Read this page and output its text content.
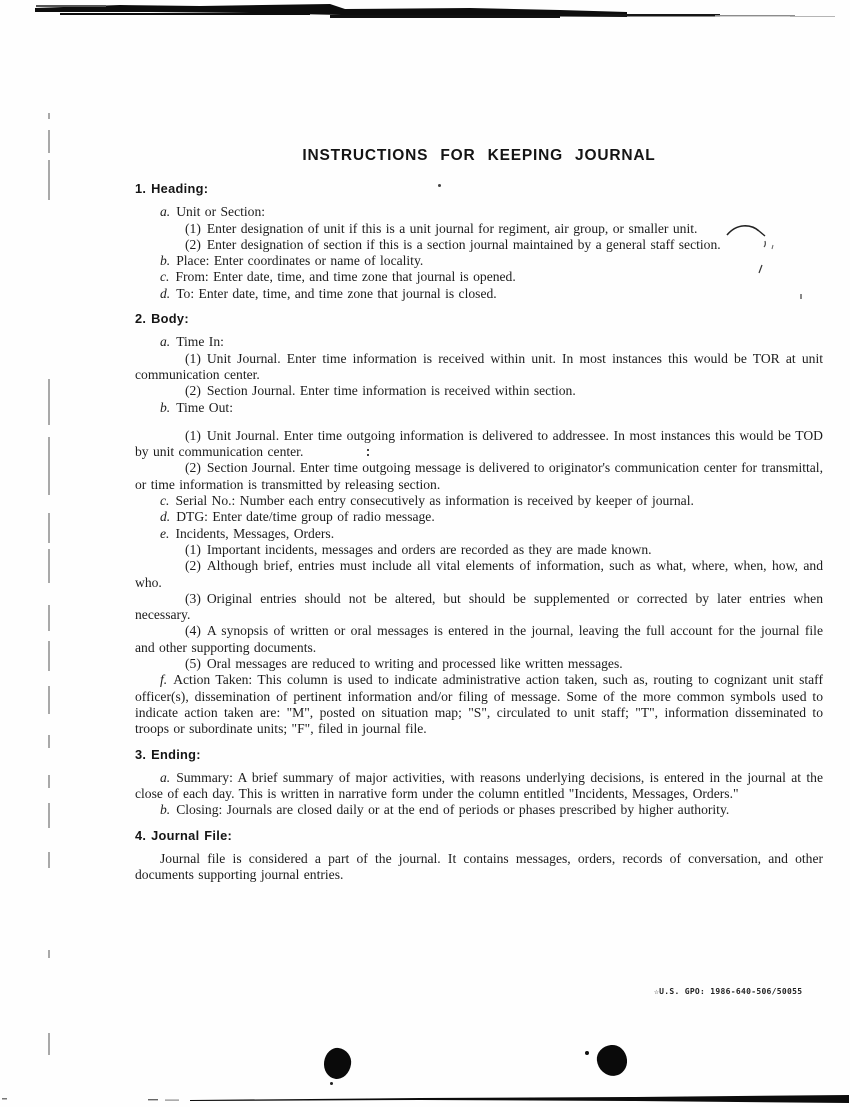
INSTRUCTIONS FOR KEEPING JOURNAL

1. Heading:

a. Unit or Section:

(1) Enter designation of unit if this is a unit journal for regiment, air group, or smaller unit.

(2) Enter designation of section if this is a section journal maintained by a general staff section.

b. Place: Enter coordinates or name of locality.

c. From: Enter date, time, and time zone that journal is opened.

d. To: Enter date, time, and time zone that journal is closed.

2. Body:

a. Time In:

(1) Unit Journal. Enter time information is received within unit. In most instances this would be TOR at unit communication center.

(2) Section Journal. Enter time information is received within section.

b. Time Out:

(1) Unit Journal. Enter time outgoing information is delivered to addressee. In most instances this would be TOD by unit communication center.

(2) Section Journal. Enter time outgoing message is delivered to originator's communication center for transmittal, or time information is transmitted by releasing section.

c. Serial No.: Number each entry consecutively as information is received by keeper of journal.

d. DTG: Enter date/time group of radio message.

e. Incidents, Messages, Orders.

(1) Important incidents, messages and orders are recorded as they are made known.

(2) Although brief, entries must include all vital elements of information, such as what, where, when, how, and who.

(3) Original entries should not be altered, but should be supplemented or corrected by later entries when necessary.

(4) A synopsis of written or oral messages is entered in the journal, leaving the full account for the journal file and other supporting documents.

(5) Oral messages are reduced to writing and processed like written messages.

f. Action Taken: This column is used to indicate administrative action taken, such as, routing to cognizant unit staff officer(s), dissemination of pertinent information and/or filing of message. Some of the more common symbols used to indicate action taken are: "M", posted on situation map; "S", circulated to unit staff; "T", information disseminated to troops or subordinate units; "F", filed in journal file.

3. Ending:

a. Summary: A brief summary of major activities, with reasons underlying decisions, is entered in the journal at the close of each day. This is written in narrative form under the column entitled "Incidents, Messages, Orders."

b. Closing: Journals are closed daily or at the end of periods or phases prescribed by higher authority.

4. Journal File:

Journal file is considered a part of the journal. It contains messages, orders, records of conversation, and other documents supporting journal entries.

☆U.S. GPO: 1986-640-506/50055
